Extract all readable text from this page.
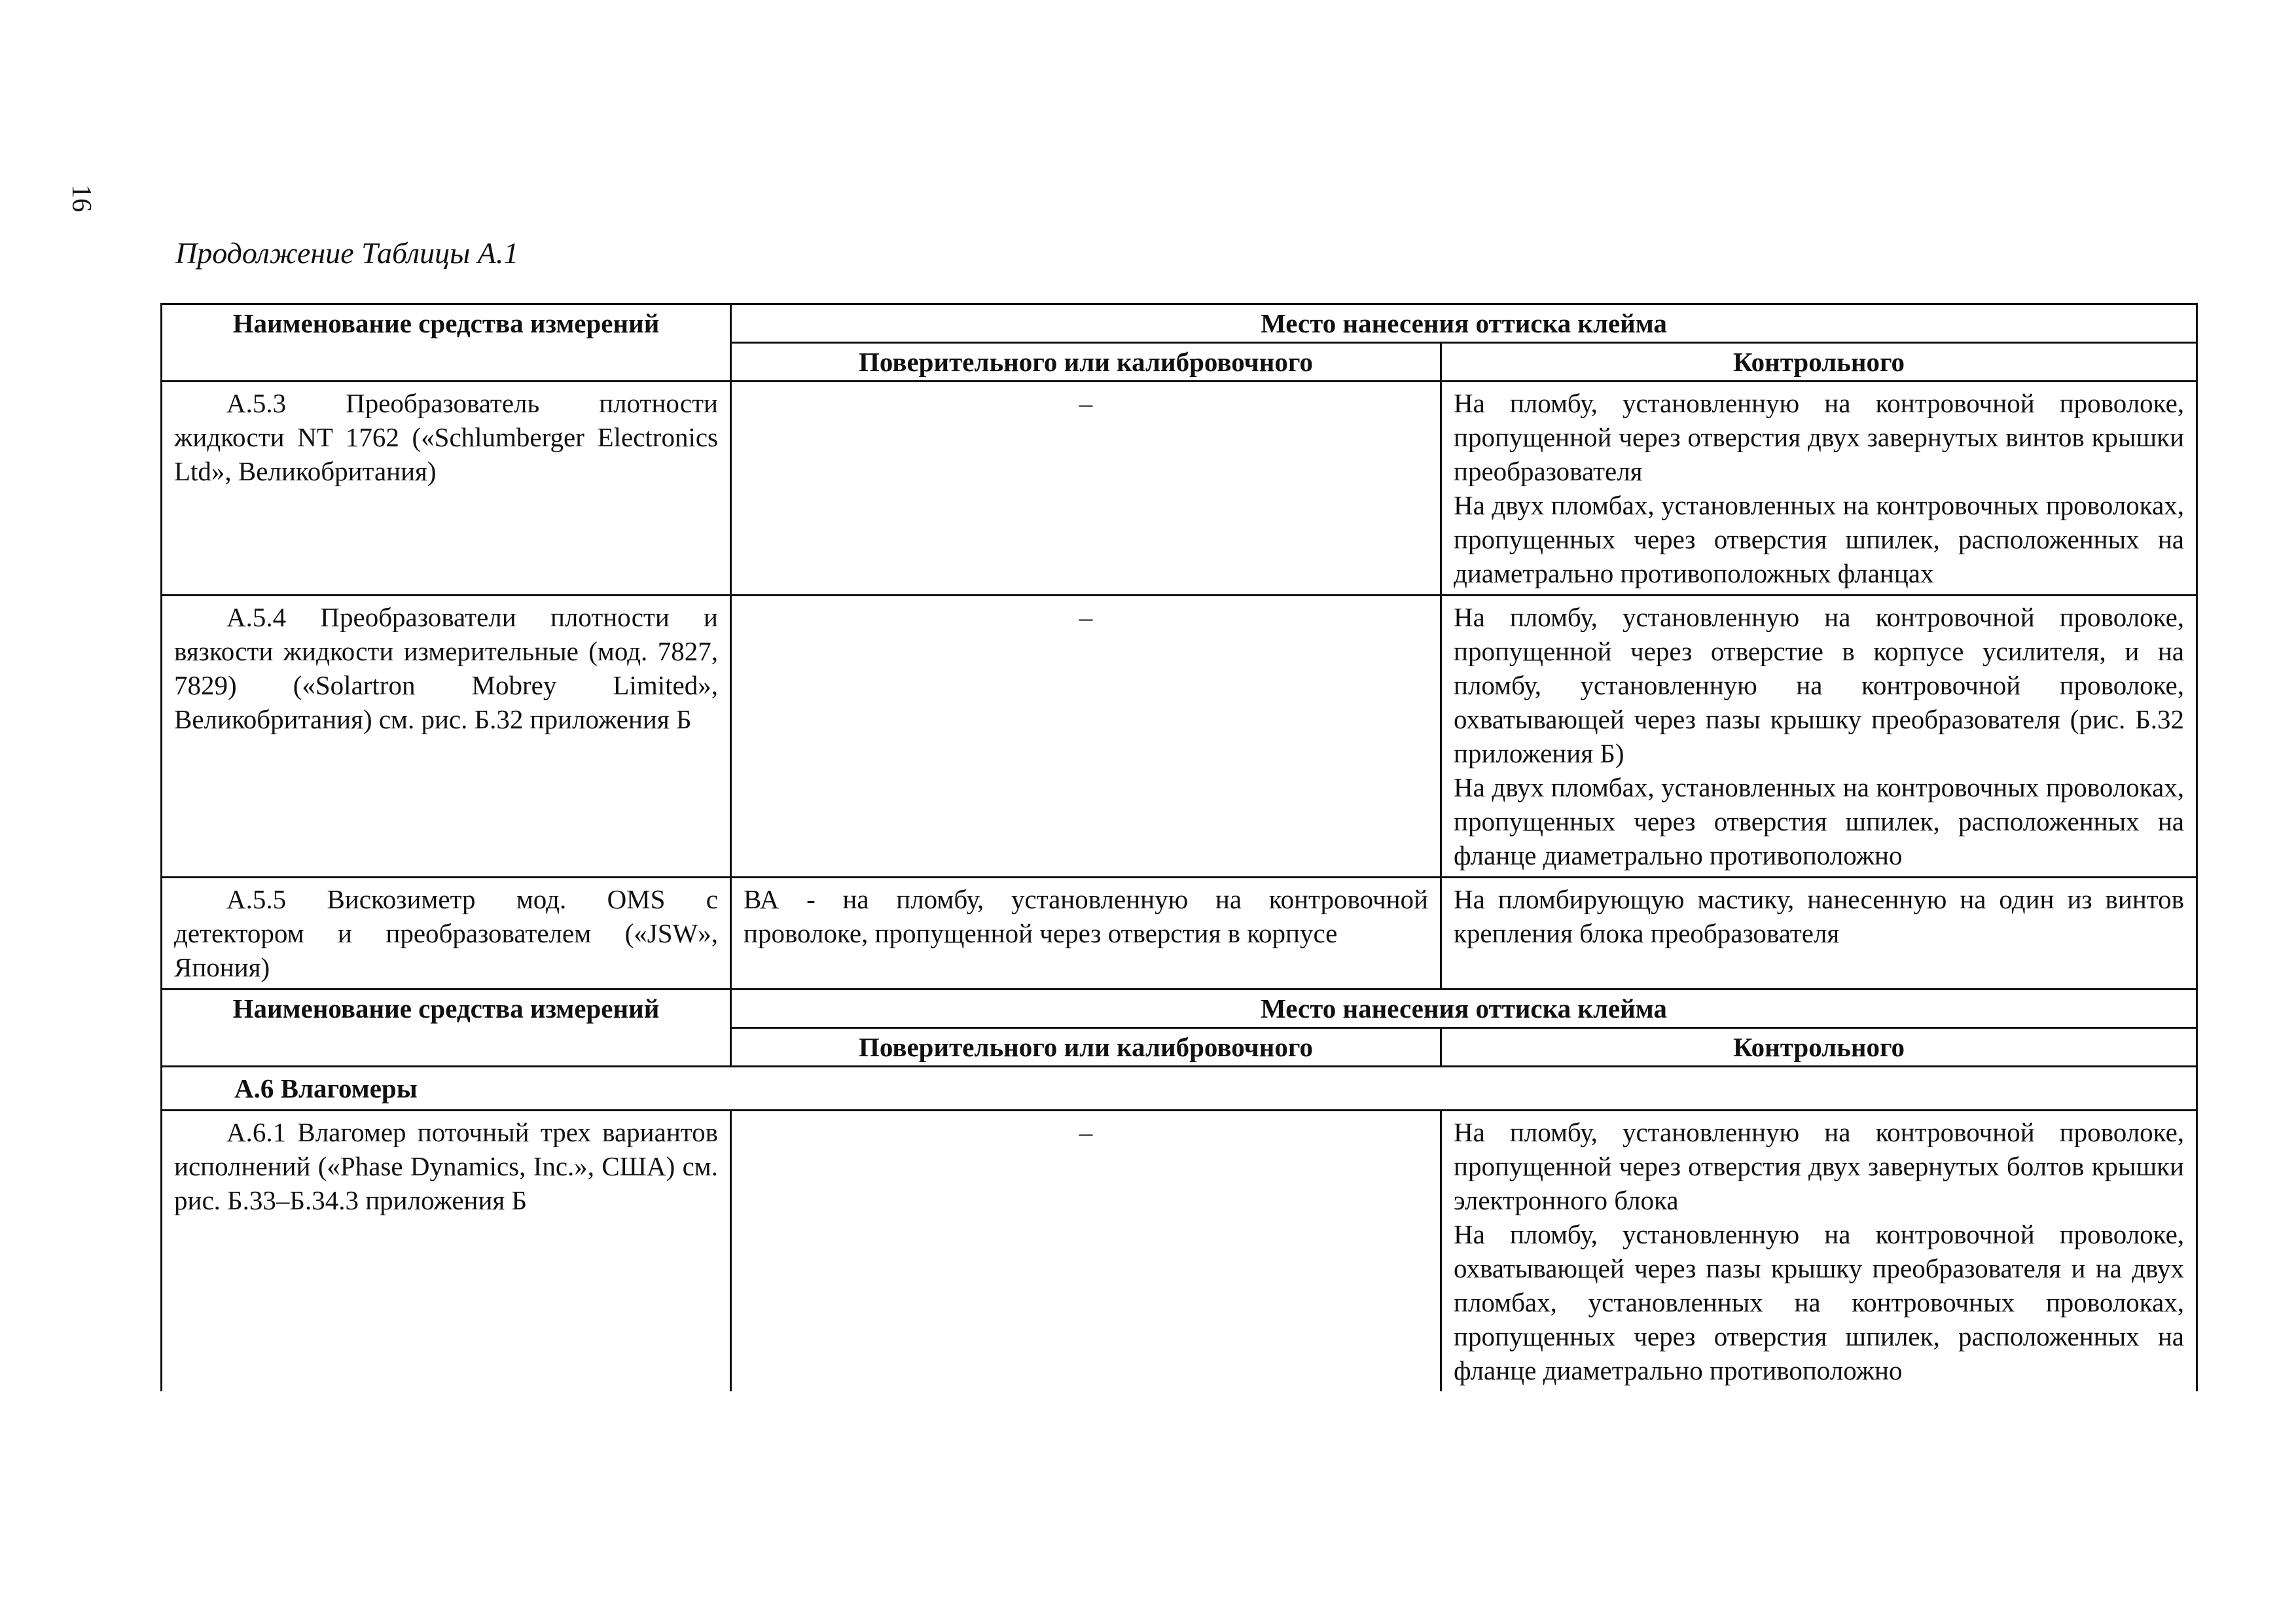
16
Продолжение Таблицы А.1
Наименование средства измерений	Место нанесения оттиска клейма	
	Поверительного или калибровочного	Контрольного
А.5.3 Преобразователь плотности жидкости NT 1762 («Schlumberger Electronics Ltd», Великобритания)	–	На пломбу, установленную на контровочной проволоке, пропущенной через отверстия двух завернутых винтов крышки преобразователя
На двух пломбах, установленных на контровочных проволоках, пропущенных через отверстия шпилек, расположенных на диаметрально противоположных фланцах

А.5.4 Преобразователи плотности и вязкости жидкости измерительные (мод. 7827, 7829) («Solartron Mobrey Limited», Великобритания) см. рис. Б.32 приложения Б	–	На пломбу, установленную на контровочной проволоке, пропущенной через отверстие в корпусе усилителя, и на пломбу, установленную на контровочной проволоке, охватывающей через пазы крышку преобразователя (рис. Б.32 приложения Б)
На двух пломбах, установленных на контровочных проволоках, пропущенных через отверстия шпилек, расположенных на фланце диаметрально противоположно

А.5.5 Вискозиметр мод. OMS с детектором и преобразователем («JSW», Япония)	ВА - на пломбу, установленную на контровочной проволоке, пропущенной через отверстия в корпусе	На пломбирующую мастику, нанесенную на один из винтов крепления блока преобразователя

Наименование средства измерений	Место нанесения оттиска клейма	
	Поверительного или калибровочного	Контрольного
А.6 Влагомеры		
А.6.1 Влагомер поточный трех вариантов исполнений («Phase Dynamics, Inc.», США) см. рис. Б.33–Б.34.3 приложения Б	–	На пломбу, установленную на контровочной проволоке, пропущенной через отверстия двух завернутых болтов крышки электронного блока
На пломбу, установленную на контровочной проволоке, охватывающей через пазы крышку преобразователя и на двух пломбах, установленных на контровочных проволоках, пропущенных через отверстия шпилек, расположенных на фланце диаметрально противоположно
